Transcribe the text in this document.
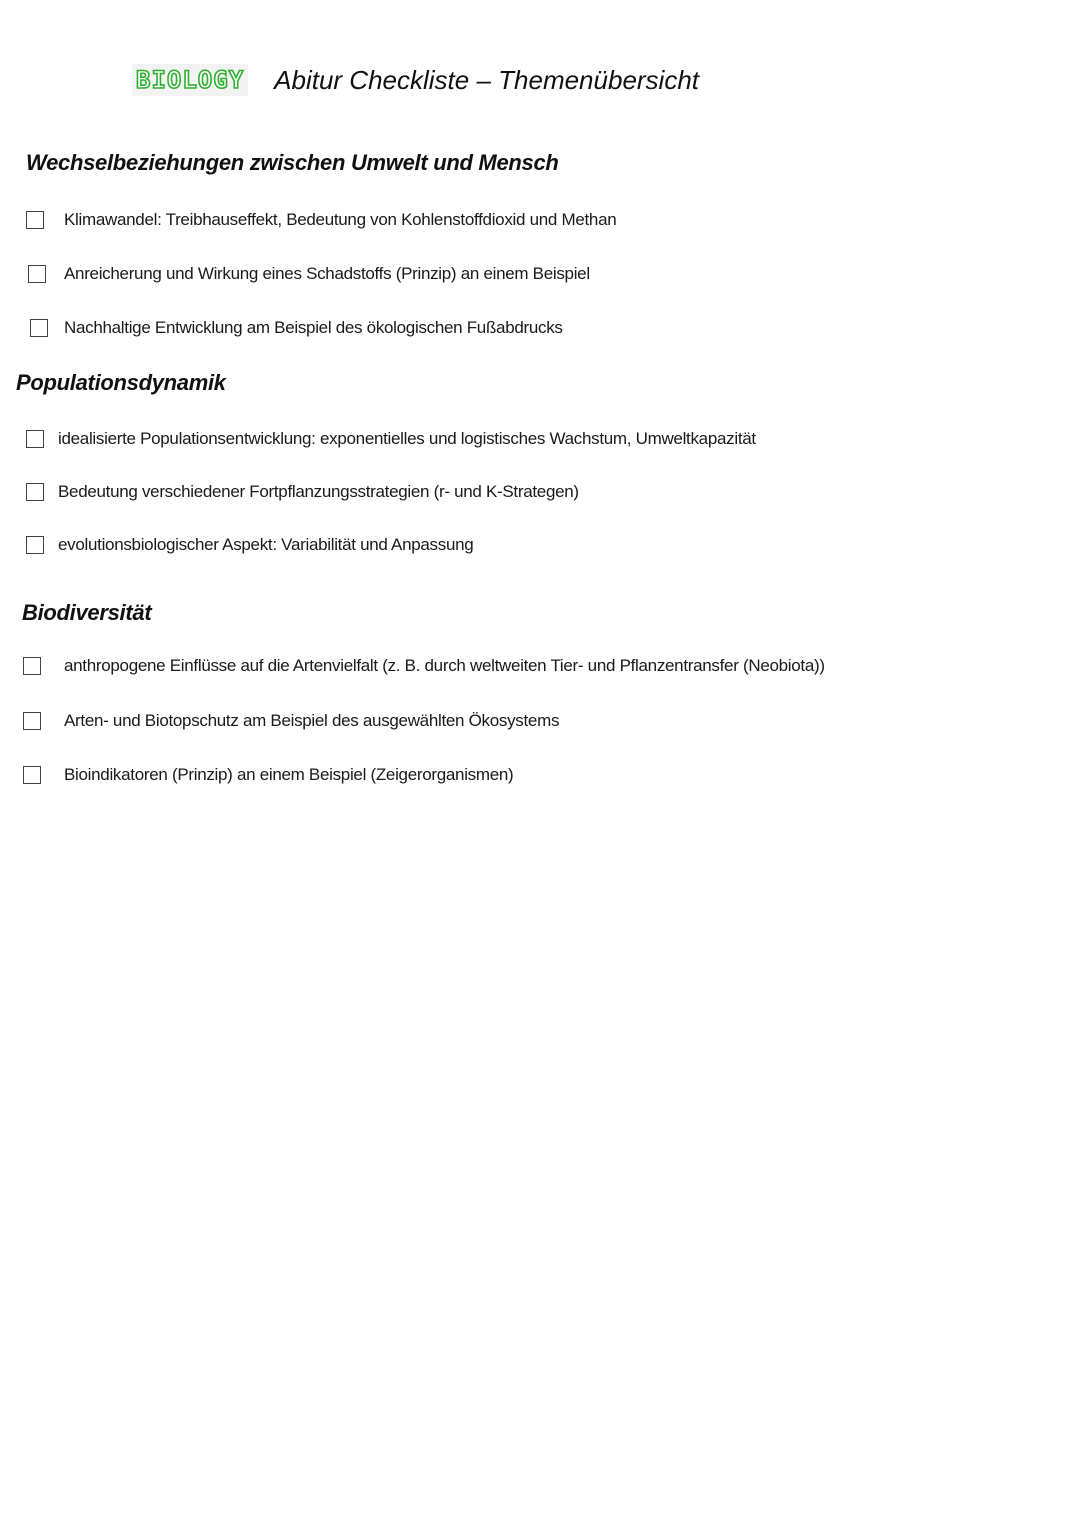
BIOLOGY Abitur Checkliste – Themenübersicht
Wechselbeziehungen zwischen Umwelt und Mensch
Klimawandel: Treibhauseffekt, Bedeutung von Kohlenstoffdioxid und Methan
Anreicherung und Wirkung eines Schadstoffs (Prinzip) an einem Beispiel
Nachhaltige Entwicklung am Beispiel des ökologischen Fußabdrucks
Populationsdynamik
idealisierte Populationsentwicklung: exponentielles und logistisches Wachstum, Umweltkapazität
Bedeutung verschiedener Fortpflanzungsstrategien (r- und K-Strategen)
evolutionsbiologischer Aspekt: Variabilität und Anpassung
Biodiversität
anthropogene Einflüsse auf die Artenvielfalt (z. B. durch weltweiten Tier- und Pflanzentransfer (Neobiota))
Arten- und Biotopschutz am Beispiel des ausgewählten Ökosystems
Bioindikatoren (Prinzip) an einem Beispiel (Zeigerorganismen)
